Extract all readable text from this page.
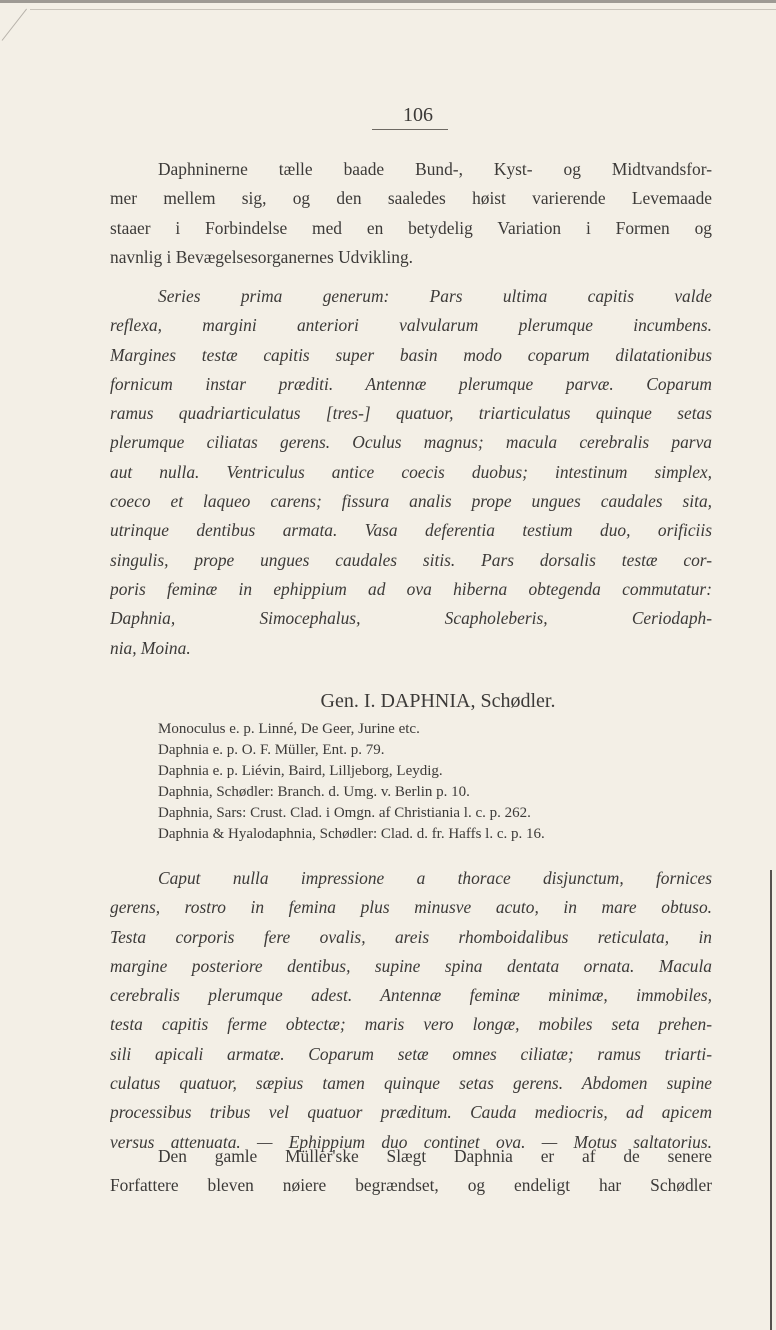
106
Daphninerne tælle baade Bund-, Kyst- og Midtvandsfor-
mer mellem sig, og den saaledes høist varierende Levemaade
staaer i Forbindelse med en betydelig Variation i Formen og
navnlig i Bevægelsesorganernes Udvikling.
Series prima generum: Pars ultima capitis valde
reflexa, margini anteriori valvularum plerumque incumbens.
Margines testæ capitis super basin modo coparum dilatationibus
fornicum instar præditi. Antennæ plerumque parvæ. Coparum
ramus quadriarticulatus [tres-] quatuor, triarticulatus quinque setas
plerumque ciliatas gerens. Oculus magnus; macula cerebralis parva
aut nulla. Ventriculus antice coecis duobus; intestinum simplex,
coeco et laqueo carens; fissura analis prope ungues caudales sita,
utrinque dentibus armata. Vasa deferentia testium duo, orificiis
singulis, prope ungues caudales sitis. Pars dorsalis testæ cor-
poris feminæ in ephippium ad ova hiberna obtegenda commutatur:
Daphnia, Simocephalus, Scapholeberis, Ceriodaph-
nia, Moina.
Gen. I. DAPHNIA, Schødler.
Monoculus e. p. Linné, De Geer, Jurine etc.
Daphnia e. p. O. F. Müller, Ent. p. 79.
Daphnia e. p. Liévin, Baird, Lilljeborg, Leydig.
Daphnia, Schødler: Branch. d. Umg. v. Berlin p. 10.
Daphnia, Sars: Crust. Clad. i Omgn. af Christiania l. c. p. 262.
Daphnia & Hyalodaphnia, Schødler: Clad. d. fr. Haffs l. c. p. 16.
Caput nulla impressione a thorace disjunctum, fornices
gerens, rostro in femina plus minusve acuto, in mare obtuso.
Testa corporis fere ovalis, areis rhomboidalibus reticulata, in
margine posteriore dentibus, supine spina dentata ornata. Macula
cerebralis plerumque adest. Antennæ feminæ minimæ, immobiles,
testa capitis ferme obtectæ; maris vero longæ, mobiles seta prehen-
sili apicali armatæ. Coparum setæ omnes ciliatæ; ramus triarti-
culatus quatuor, sæpius tamen quinque setas gerens. Abdomen supine
processibus tribus vel quatuor præditum. Cauda mediocris, ad apicem
versus attenuata. — Ephippium duo continet ova. — Motus saltatorius.
Den gamle Müller'ske Slægt Daphnia er af de senere
Forfattere bleven nøiere begrændset, og endeligt har Schødler
